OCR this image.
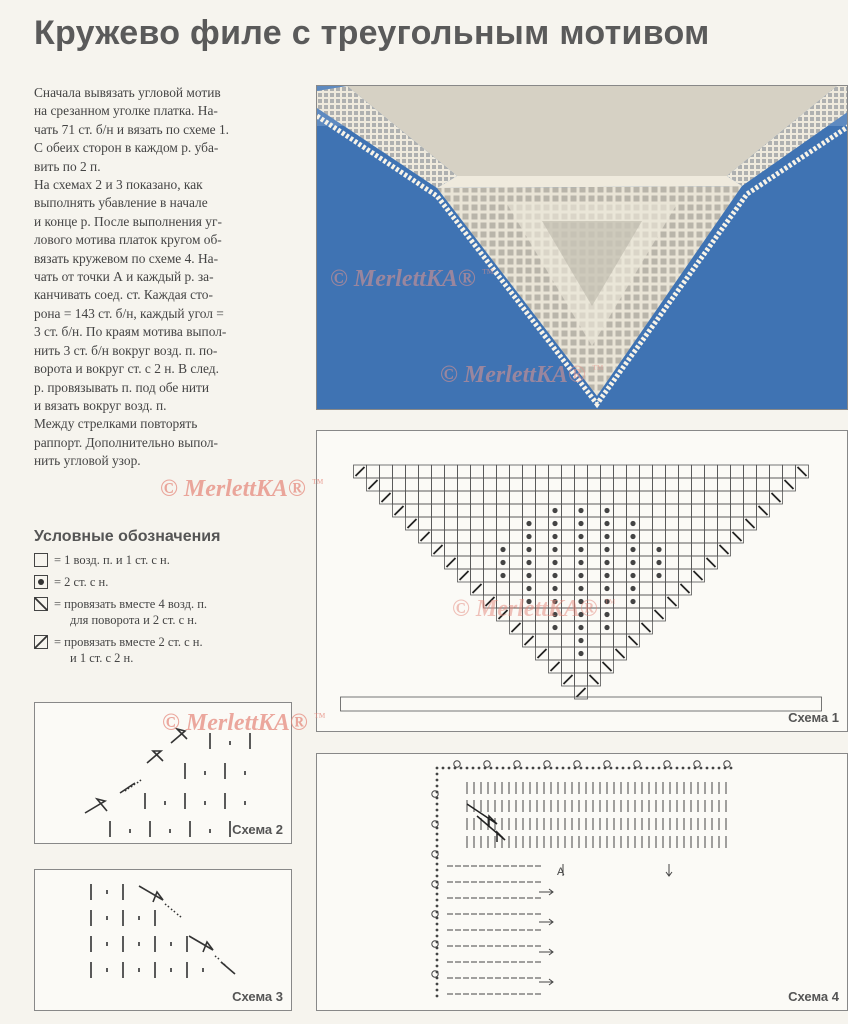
Кружево филе с треугольным мотивом
Сначала вывязать угловой мотив
на срезанном уголке платка. На-
чать 71 ст. б/н и вязать по схеме 1.
С обеих сторон в каждом р. убa-
вить по 2 п.
На схемах 2 и 3 показано, как
выполнять убавление в начале
и конце р. После выполнения уг-
лового мотива платок кругом об-
вязать кружевом по схеме 4. На-
чать от точки А и каждый р. за-
канчивать соед. ст. Каждая сто-
рона = 143 ст. б/н, каждый угол =
3 ст. б/н. По краям мотива выпол-
нить 3 ст. б/н вокруг возд. п. по-
ворота и вокруг ст. с 2 н. В след.
р. провязывать п. под обе нити
и вязать вокруг возд. п.
Между стрелками повторять
раппорт. Дополнительно выпол-
нить угловой узор.
Схема 1
Условные обозначения
= 1 возд. п. и 1 ст. с н.
= 2 ст. с н.
= провязать вместе 4 возд. п.
для поворота и 2 ст. с н.
= провязать вместе 2 ст. с н.
и 1 ст. с 2 н.
Схема 2
Схема 3
А
Схема 4
© MerlettKA® ™
© MerlettKA® ™
© MerlettKA® ™
© MerlettKA® ™
© MerlettKA® ™
